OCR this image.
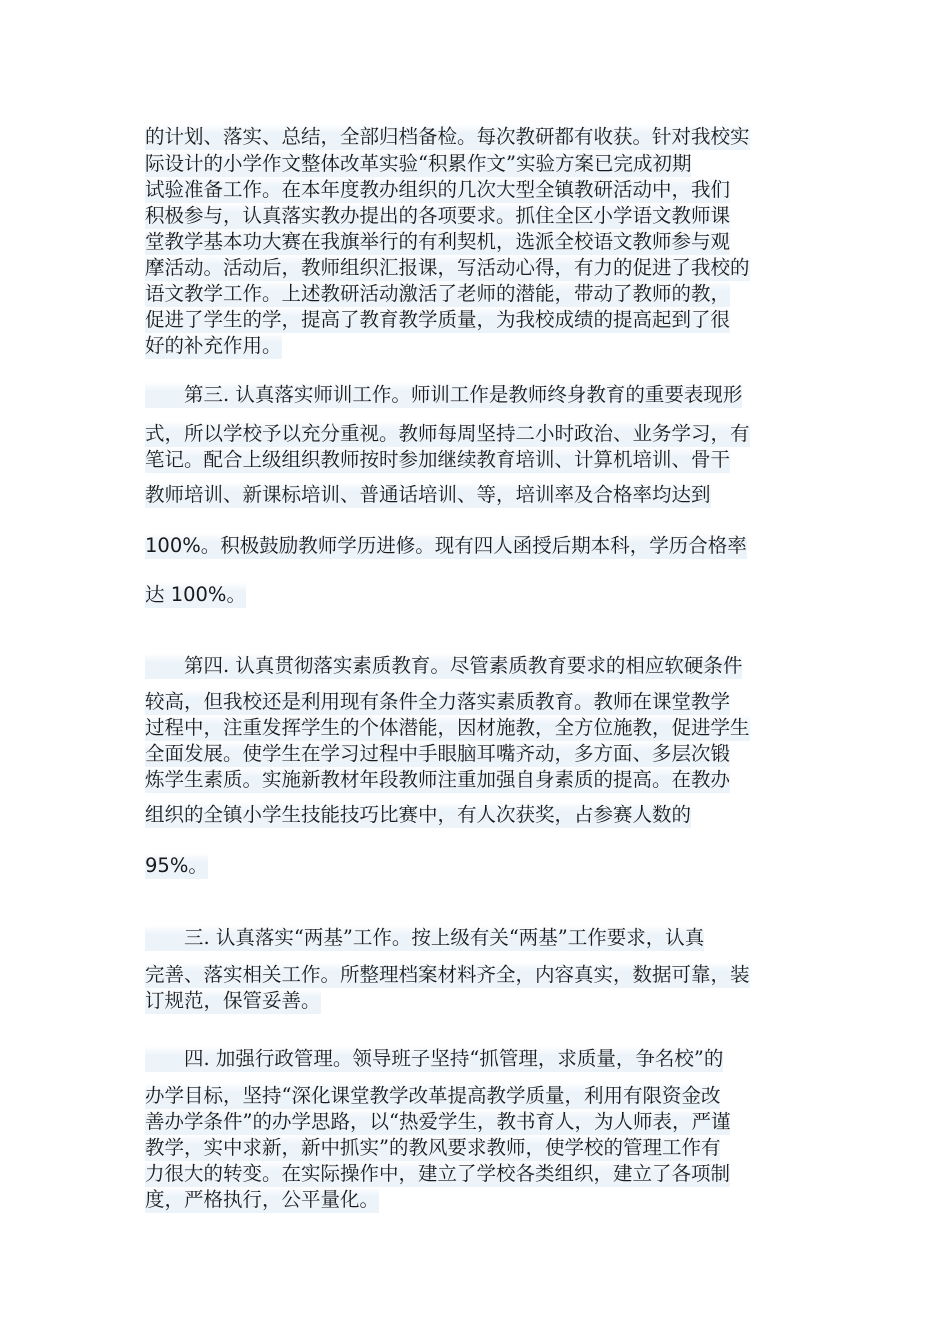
的计划、落实、总结，全部归档备检。每次教研都有收获。针对我校实
际设计的小学作文整体改革实验“积累作文”实验方案已完成初期
试验准备工作。在本年度教办组织的几次大型全镇教研活动中，我们
积极参与，认真落实教办提出的各项要求。抓住全区小学语文教师课
堂教学基本功大赛在我旗举行的有利契机，选派全校语文教师参与观
摩活动。活动后，教师组织汇报课，写活动心得，有力的促进了我校的
语文教学工作。上述教研活动激活了老师的潜能，带动了教师的教，
促进了学生的学，提高了教育教学质量，为我校成绩的提高起到了很
好的补充作用。
　　第三. 认真落实师训工作。师训工作是教师终身教育的重要表现形
式，所以学校予以充分重视。教师每周坚持二小时政治、业务学习，有
笔记。配合上级组织教师按时参加继续教育培训、计算机培训、骨干
教师培训、新课标培训、普通话培训、等，培训率及合格率均达到
100%。积极鼓励教师学历进修。现有四人函授后期本科，学历合格率
达 100%。
　　第四. 认真贯彻落实素质教育。尽管素质教育要求的相应软硬条件
较高，但我校还是利用现有条件全力落实素质教育。教师在课堂教学
过程中，注重发挥学生的个体潜能，因材施教，全方位施教，促进学生
全面发展。使学生在学习过程中手眼脑耳嘴齐动，多方面、多层次锻
炼学生素质。实施新教材年段教师注重加强自身素质的提高。在教办
组织的全镇小学生技能技巧比赛中，有人次获奖，占参赛人数的
95%。
　　三. 认真落实“两基”工作。按上级有关“两基”工作要求，认真
完善、落实相关工作。所整理档案材料齐全，内容真实，数据可靠，装
订规范，保管妥善。
　　四. 加强行政管理。领导班子坚持“抓管理，求质量，争名校”的
办学目标，坚持“深化课堂教学改革提高教学质量，利用有限资金改
善办学条件”的办学思路，以“热爱学生，教书育人，为人师表，严谨
教学，实中求新，新中抓实”的教风要求教师，使学校的管理工作有
力很大的转变。在实际操作中，建立了学校各类组织，建立了各项制
度，严格执行，公平量化。
